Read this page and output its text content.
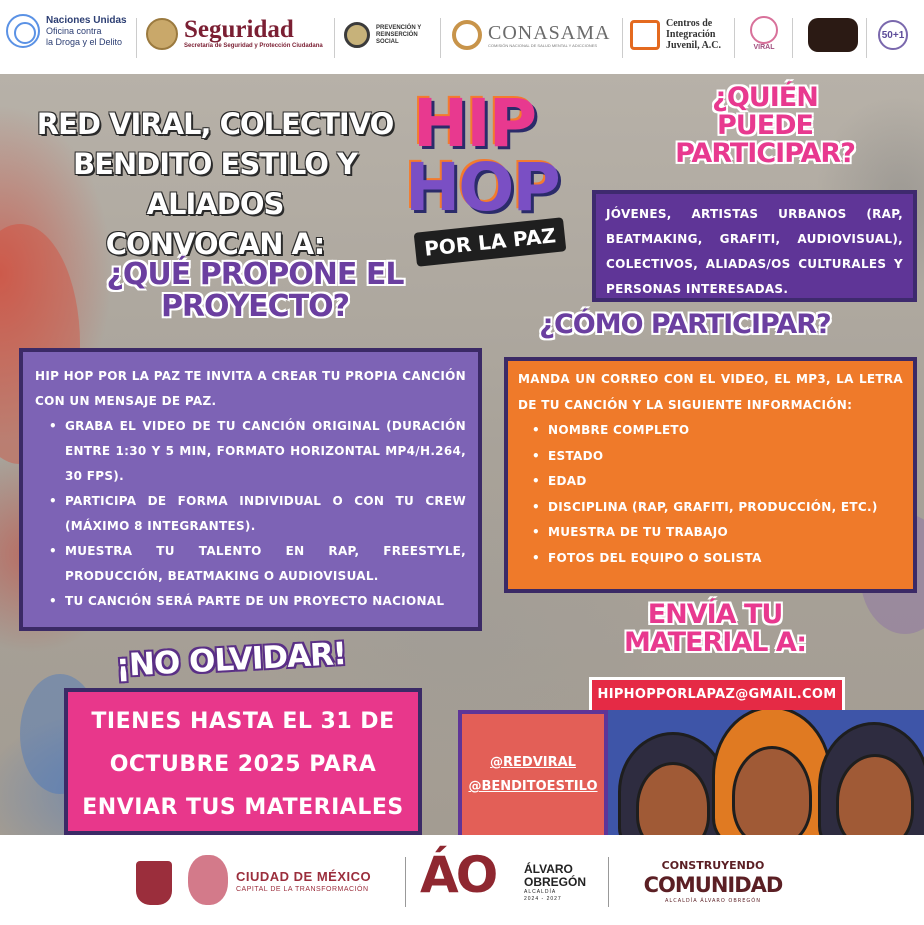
Naciones Unidas
Oficina contra
la Droga y el Delito Seguridad
Secretaría de Seguridad y Protección Ciudadana
PREVENCIÓN Y REINSERCIÓN SOCIAL	CONASAMA
COMISIÓN NACIONAL DE SALUD MENTAL Y ADICCIONES
Centros de
Integración
Juvenil, A.C.	VIRAL
50+1
RED VIRAL, COLECTIVO
BENDITO ESTILO Y ALIADOS
CONVOCAN A:
HIP
HOP
POR LA PAZ
¿QUIÉN
PUEDE
PARTICIPAR?

JÓVENES, ARTISTAS URBANOS (RAP, BEATMAKING, GRAFITI, AUDIOVISUAL), COLECTIVOS, ALIADAS/OS CULTURALES Y PERSONAS INTERESADAS.

¿QUÉ PROPONE EL
PROYECTO?

HIP HOP POR LA PAZ TE INVITA A CREAR TU PROPIA CANCIÓN CON UN MENSAJE DE PAZ.

• GRABA EL VIDEO DE TU CANCIÓN ORIGINAL (DURACIÓN ENTRE 1:30 Y 5 MIN, FORMATO HORIZONTAL MP4/H.264, 30 FPS).
• PARTICIPA DE FORMA INDIVIDUAL O CON TU CREW (MÁXIMO 8 INTEGRANTES).
• MUESTRA TU TALENTO EN RAP, FREESTYLE, PRODUCCIÓN, BEATMAKING O AUDIOVISUAL.
• TU CANCIÓN SERÁ PARTE DE UN PROYECTO NACIONAL
¿CÓMO PARTICIPAR?

MANDA UN CORREO CON EL VIDEO, EL MP3, LA LETRA DE TU CANCIÓN Y LA SIGUIENTE INFORMACIÓN:

• NOMBRE COMPLETO
• ESTADO
• EDAD
• DISCIPLINA (RAP, GRAFITI, PRODUCCIÓN, ETC.)
• MUESTRA DE TU TRABAJO
• FOTOS DEL EQUIPO O SOLISTA
ENVÍA TU
MATERIAL A:
HIPHOPPORLAPAZ@GMAIL.COM
¡NO OLVIDAR!
TIENES HASTA EL 31 DE
OCTUBRE 2025 PARA
ENVIAR TUS MATERIALES
@REDVIRAL
@BENDITOESTILO
CIUDAD DE MÉXICO
CAPITAL DE LA TRANSFORMACIÓN ÁO ÁLVARO
OBREGÓN
ALCALDÍA
2024 - 2027
CONSTRUYENDO
COMUNIDAD
ALCALDÍA ÁLVARO OBREGÓN
